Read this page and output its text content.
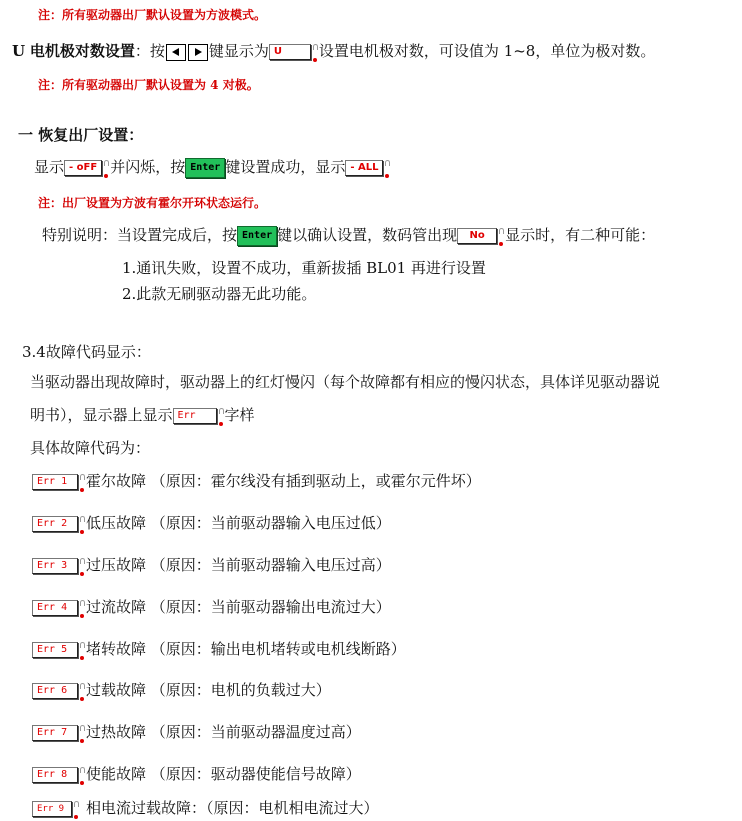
注：所有驱动器出厂默认设置为方波模式。
U 电机极对数设置：按	键显示为 U 设置电机极对数，可设值为 1~8，单位为极对数。
注：所有驱动器出厂默认设置为 4 对极。
一 恢复出厂设置：
显示 - oFF 并闪烁，按 Enter 键设置成功，显示 - ALL
注：出厂设置为方波有霍尔开环状态运行。
特别说明：当设置完成后，按 Enter 键以确认设置，数码管出现 No 显示时，有二种可能：
1.通讯失败，设置不成功，重新拔插 BL01 再进行设置
2.此款无刷驱动器无此功能。
3.4故障代码显示：
当驱动器出现故障时，驱动器上的红灯慢闪（每个故障都有相应的慢闪状态，具体详见驱动器说
明书），显示器上显示 Err 字样
具体故障代码为：
Err 1 霍尔故障 （原因：霍尔线没有插到驱动上，或霍尔元件坏）
Err 2 低压故障 （原因：当前驱动器输入电压过低）
Err 3 过压故障 （原因：当前驱动器输入电压过高）
Err 4 过流故障 （原因：当前驱动器输出电流过大）
Err 5 堵转故障 （原因：输出电机堵转或电机线断路）
Err 6 过载故障 （原因：电机的负载过大）
Err 7 过热故障 （原因：当前驱动器温度过高）
Err 8 使能故障 （原因：驱动器使能信号故障）
Err 9 相电流过载故障：（原因：电机相电流过大）
